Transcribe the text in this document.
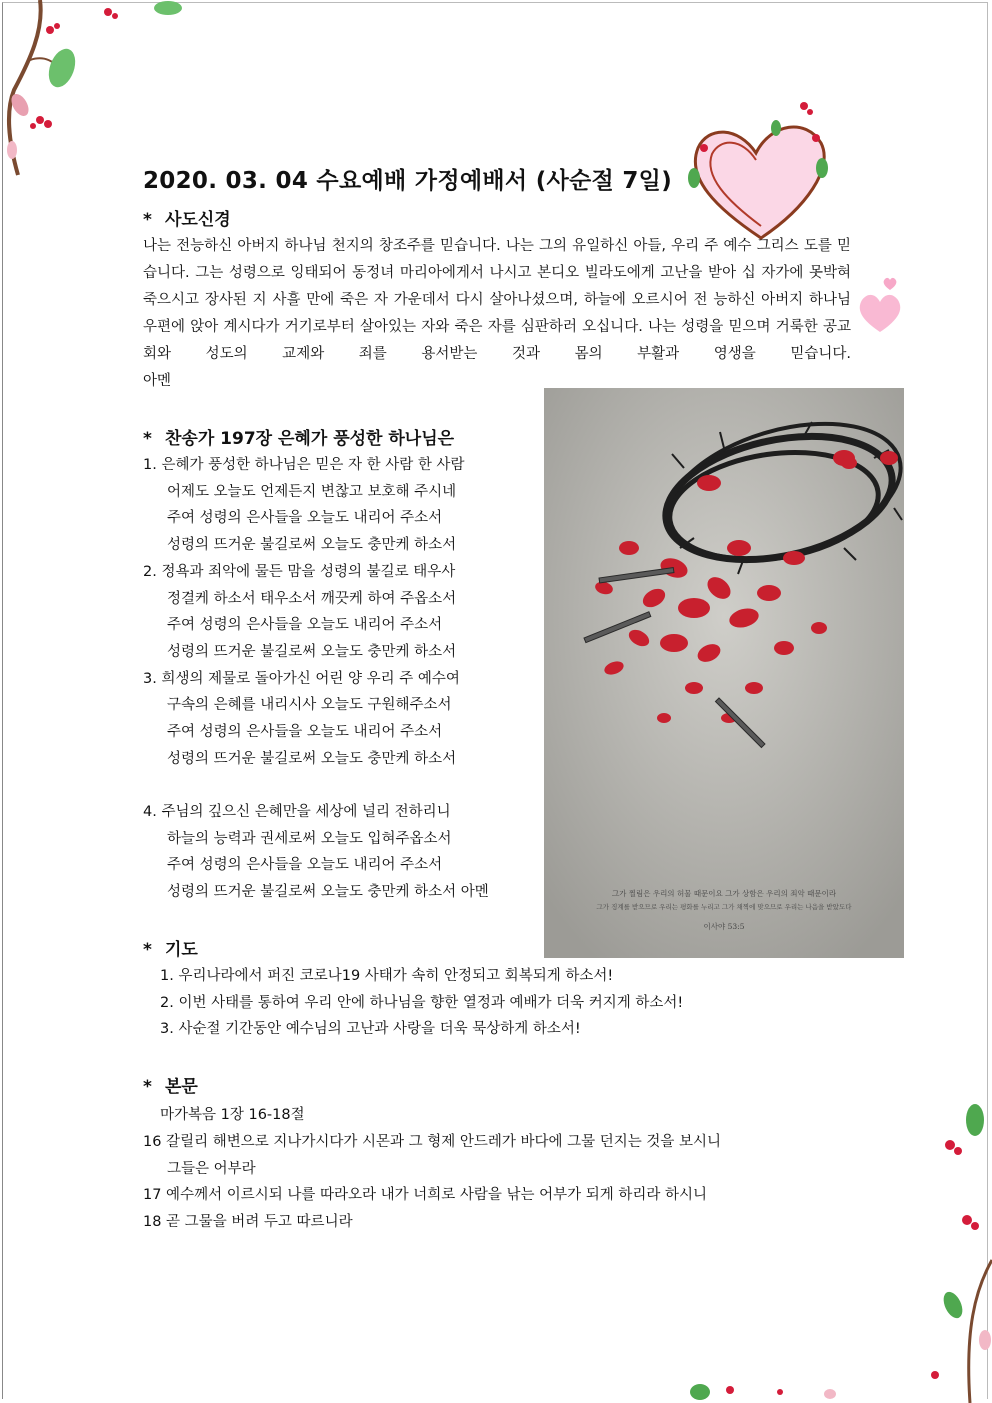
2020. 03. 04 수요예배 가정예배서 (사순절 7일)
* 사도신경
나는 전능하신 아버지 하나님 천지의 창조주를 믿습니다. 나는 그의 유일하신 아들, 우리 주 예수 그리스 도를 믿습니다. 그는 성령으로 잉태되어 동정녀 마리아에게서 나시고 본디오 빌라도에게 고난을 받아 십 자가에 못박혀 죽으시고 장사된 지 사흘 만에 죽은 자 가운데서 다시 살아나셨으며, 하늘에 오르시어 전 능하신 아버지 하나님 우편에 앉아 계시다가 거기로부터 살아있는 자와 죽은 자를 심판하러 오십니다. 나는 성령을 믿으며 거룩한 공교회와 성도의 교제와 죄를 용서받는 것과 몸의 부활과 영생을 믿습니다.
아멘
* 찬송가 197장 은혜가 풍성한 하나님은
1. 은혜가 풍성한 하나님은 믿은 자 한 사람 한 사람
어제도 오늘도 언제든지 변찮고 보호해 주시네
주여 성령의 은사들을 오늘도 내리어 주소서
성령의 뜨거운 불길로써 오늘도 충만케 하소서
2. 정욕과 죄악에 물든 맘을 성령의 불길로 태우사
정결케 하소서 태우소서 깨끗케 하여 주옵소서
주여 성령의 은사들을 오늘도 내리어 주소서
성령의 뜨거운 불길로써 오늘도 충만케 하소서
3. 희생의 제물로 돌아가신 어린 양 우리 주 예수여
구속의 은혜를 내리시사 오늘도 구원해주소서
주여 성령의 은사들을 오늘도 내리어 주소서
성령의 뜨거운 불길로써 오늘도 충만케 하소서
4. 주님의 깊으신 은혜만을 세상에 널리 전하리니
하늘의 능력과 권세로써 오늘도 입혀주옵소서
주여 성령의 은사들을 오늘도 내리어 주소서
성령의 뜨거운 불길로써 오늘도 충만케 하소서 아멘	그가 찔림은 우리의 허물 때문이요 그가 상함은 우리의 죄악 때문이라
그가 징계를 받으므로 우리는 평화를 누리고 그가 채찍에 맞으므로 우리는 나음을 받았도다
이사야 53:5
* 기도
1. 우리나라에서 퍼진 코로나19 사태가 속히 안정되고 회복되게 하소서!
2. 이번 사태를 통하여 우리 안에 하나님을 향한 열정과 예배가 더욱 커지게 하소서!
3. 사순절 기간동안 예수님의 고난과 사랑을 더욱 묵상하게 하소서!
* 본문
마가복음 1장 16-18절
16 갈릴리 해변으로 지나가시다가 시몬과 그 형제 안드레가 바다에 그물 던지는 것을 보시니
그들은 어부라
17 예수께서 이르시되 나를 따라오라 내가 너희로 사람을 낚는 어부가 되게 하리라 하시니
18 곧 그물을 버려 두고 따르니라
